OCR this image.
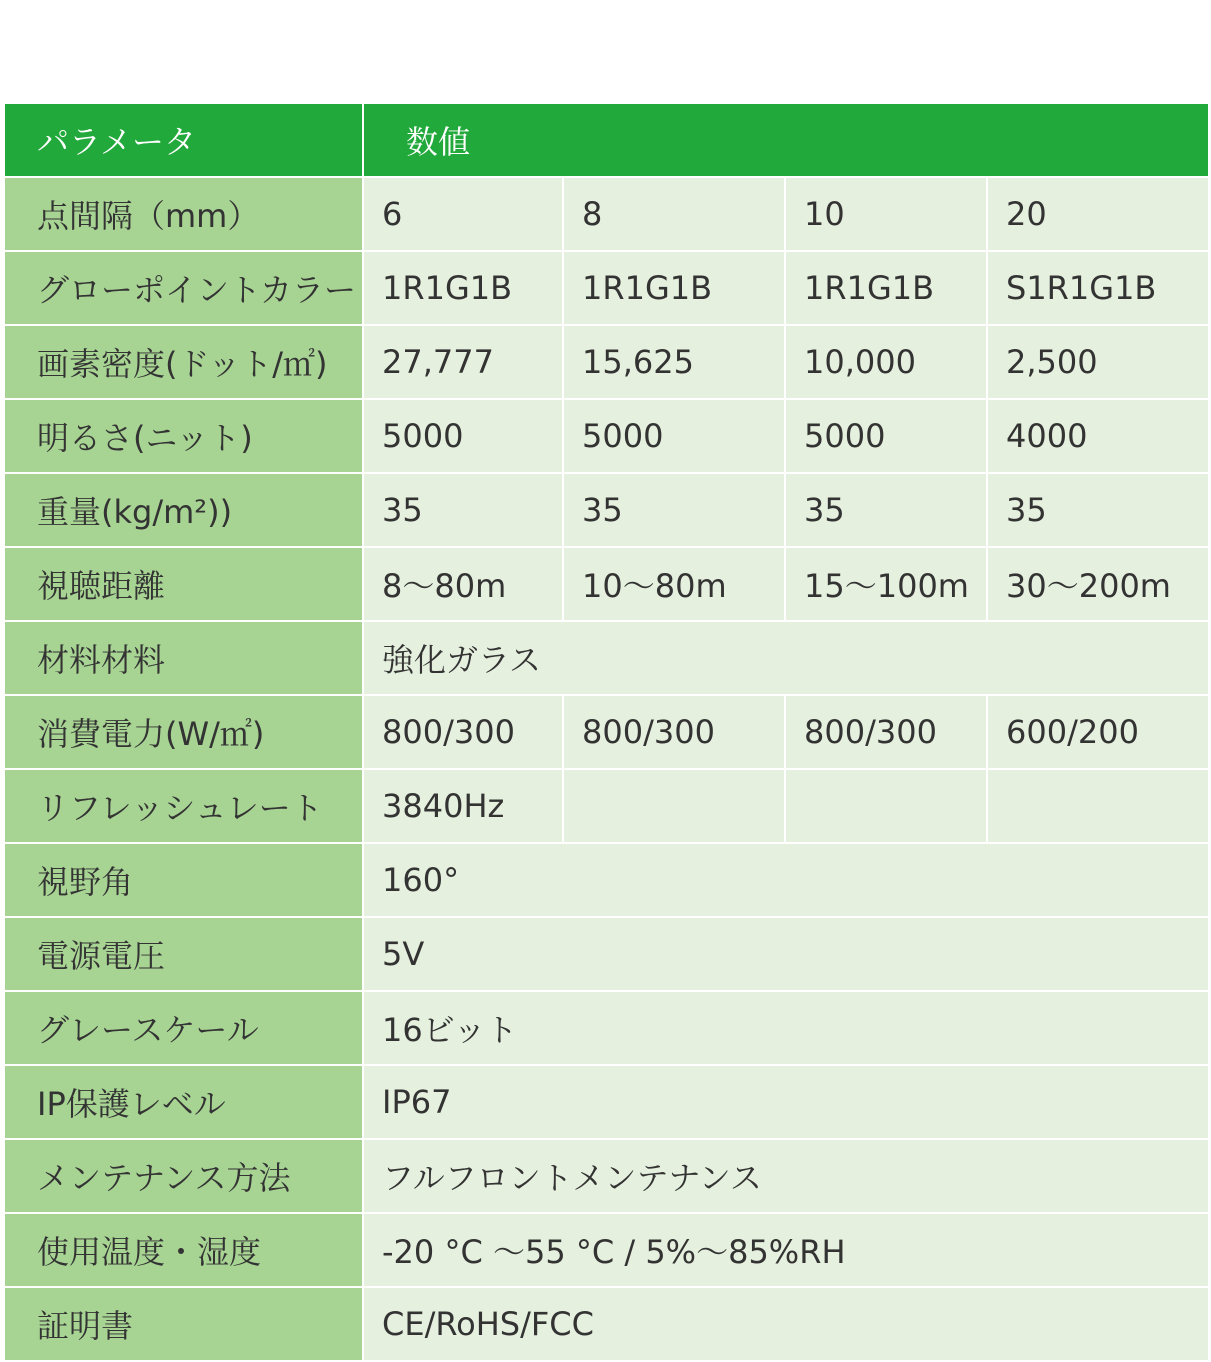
パラメータ	数値			
点間隔（mm）	6	8	10	20
グローポイントカラー	1R1G1B	1R1G1B	1R1G1B	S1R1G1B
画素密度(ドット/㎡)	27,777	15,625	10,000	2,500
明るさ(ニット)	5000	5000	5000	4000
重量(kg/m²))	35	35	35	35
視聴距離	8～80m	10～80m	15～100m	30～200m
材料材料	強化ガラス			
消費電力(W/㎡)	800/300	800/300	800/300	600/200
リフレッシュレート	3840Hz			
視野角	160°			
電源電圧	5V			
グレースケール	16ビット			
IP保護レベル	IP67			
メンテナンス方法	フルフロントメンテナンス			
使用温度・湿度	-20 °C ～55 °C / 5%～85%RH			
証明書	CE/RoHS/FCC			
